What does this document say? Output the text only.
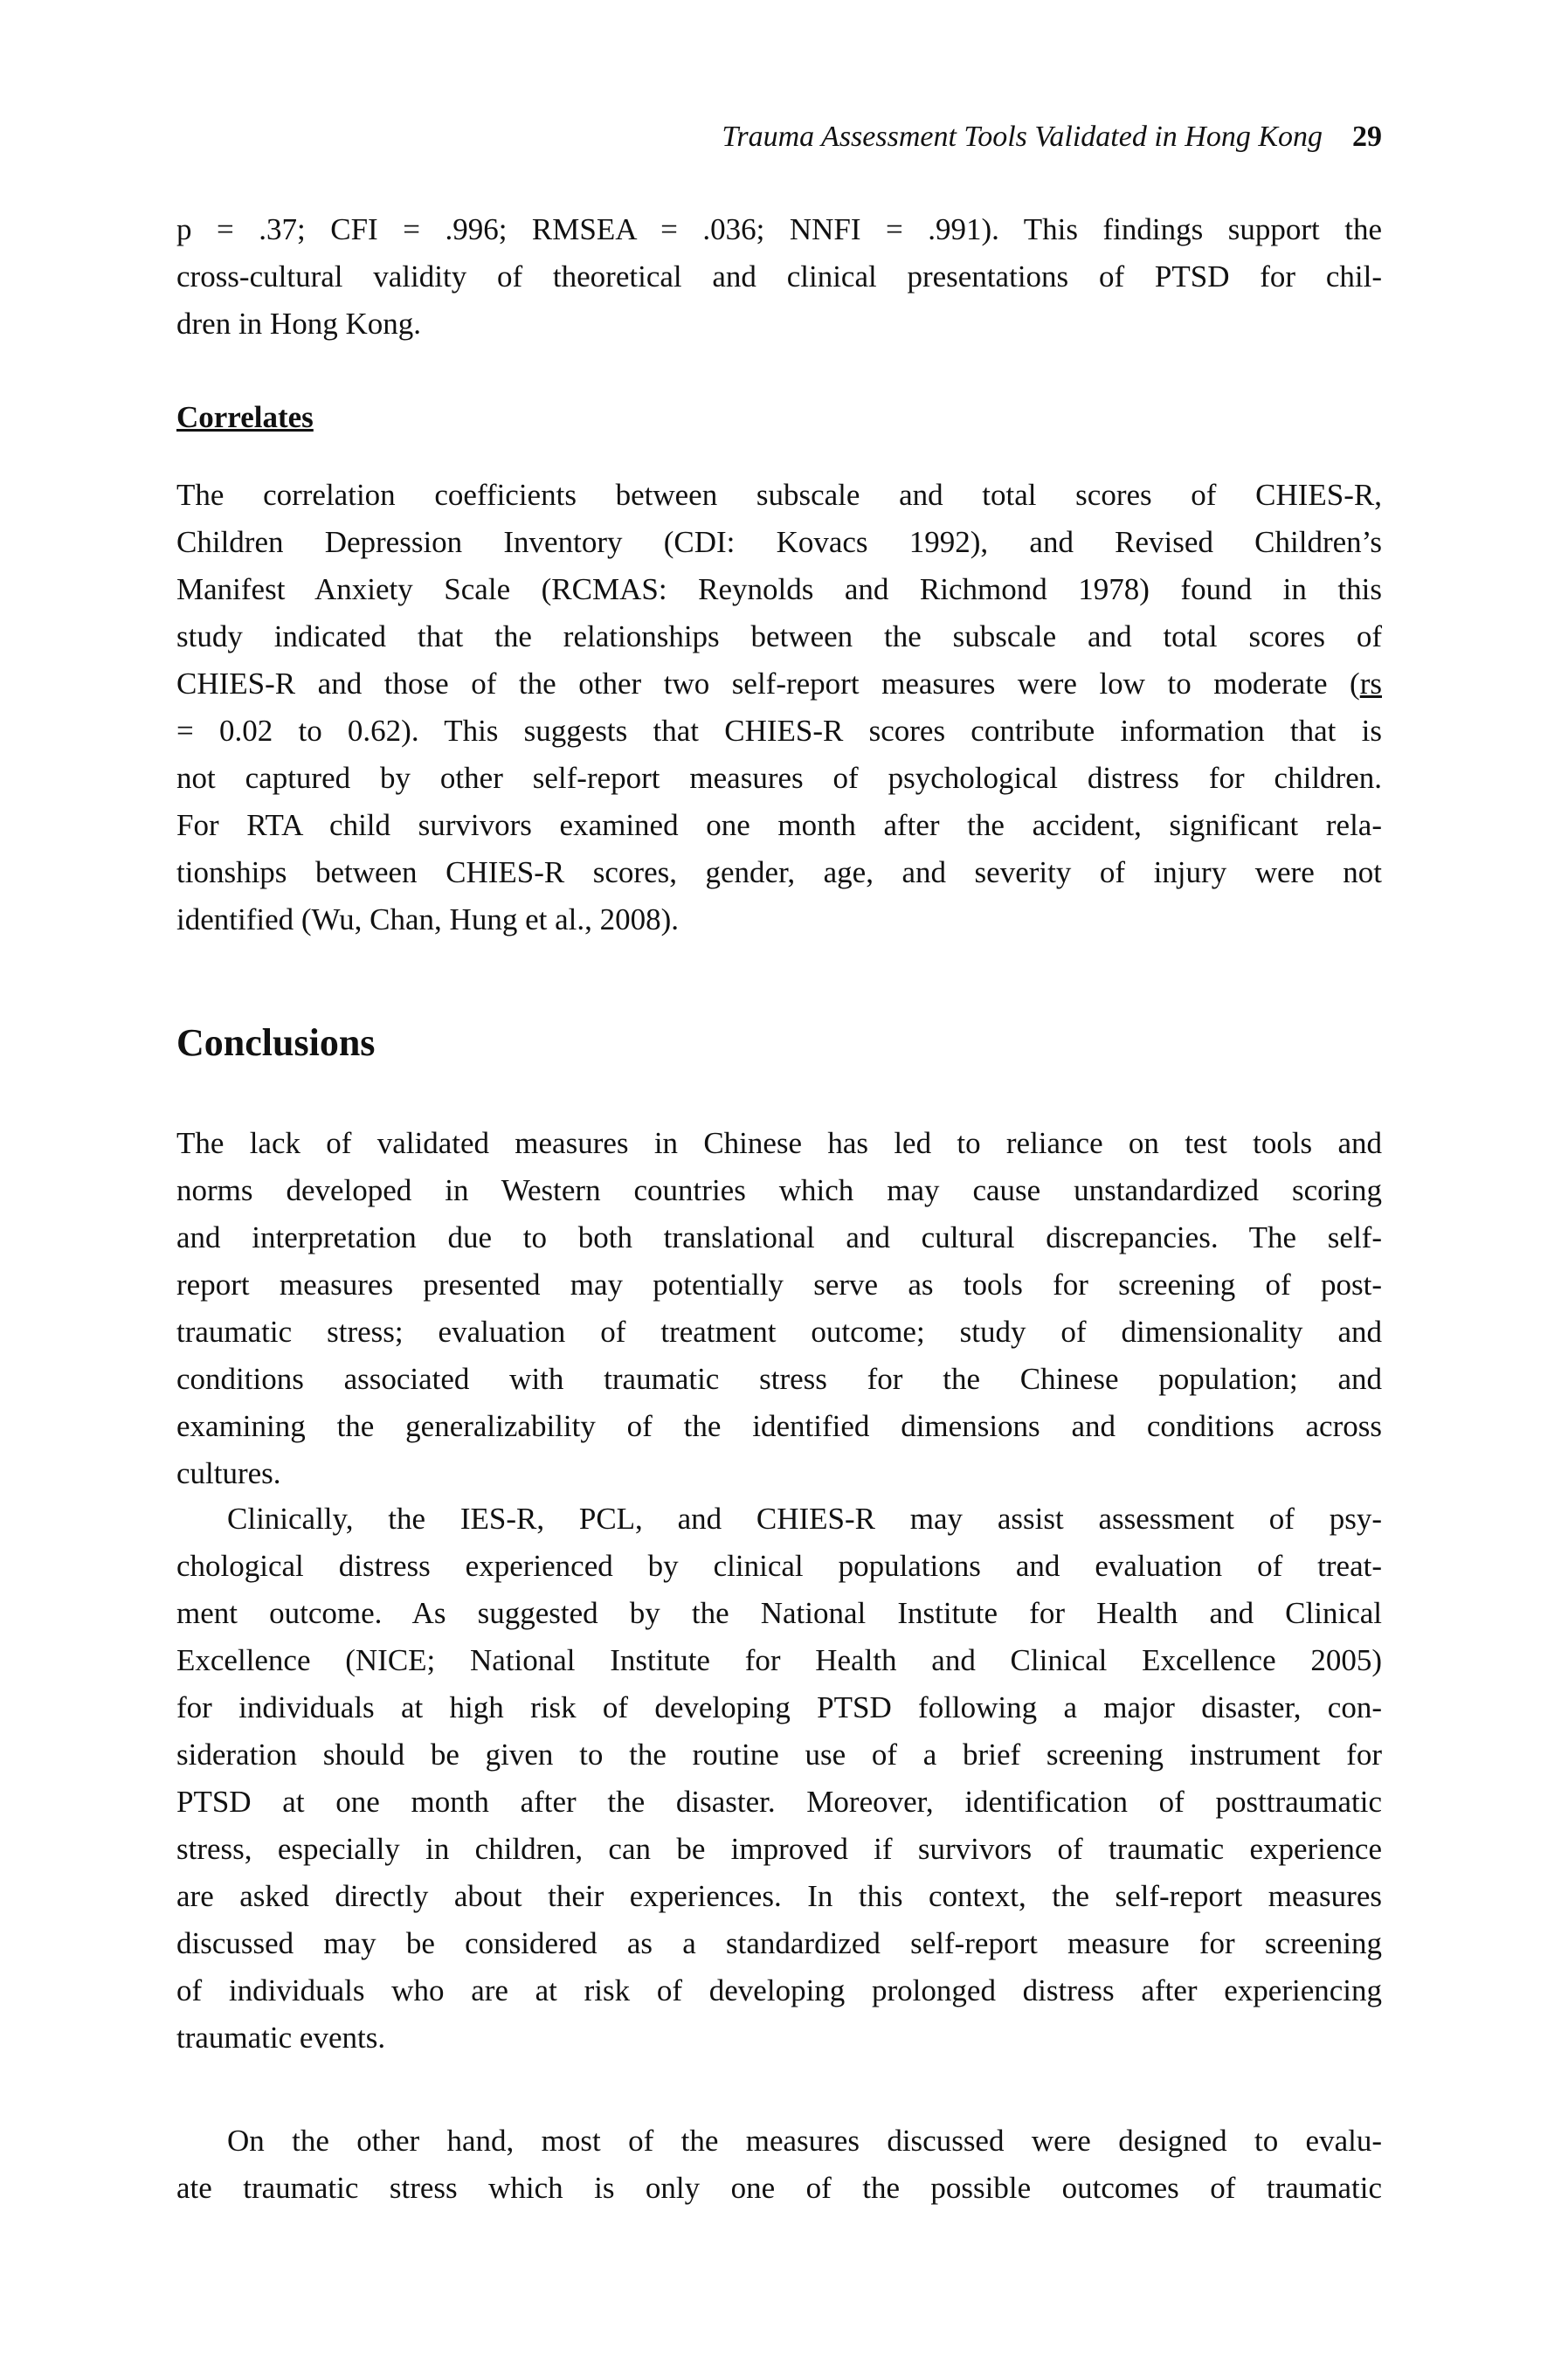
Trauma Assessment Tools Validated in Hong Kong 29
p = .37; CFI = .996; RMSEA = .036; NNFI = .991). This findings support the
cross-cultural validity of theoretical and clinical presentations of PTSD for chil-
dren in Hong Kong.
Correlates
The correlation coefficients between subscale and total scores of CHIES-R,
Children Depression Inventory (CDI: Kovacs 1992), and Revised Children’s
Manifest Anxiety Scale (RCMAS: Reynolds and Richmond 1978) found in this
study indicated that the relationships between the subscale and total scores of
CHIES-R and those of the other two self-report measures were low to moderate (rs
= 0.02 to 0.62). This suggests that CHIES-R scores contribute information that is
not captured by other self-report measures of psychological distress for children.
For RTA child survivors examined one month after the accident, significant rela-
tionships between CHIES-R scores, gender, age, and severity of injury were not
identified (Wu, Chan, Hung et al., 2008).
Conclusions
The lack of validated measures in Chinese has led to reliance on test tools and
norms developed in Western countries which may cause unstandardized scoring
and interpretation due to both translational and cultural discrepancies. The self-
report measures presented may potentially serve as tools for screening of post-
traumatic stress; evaluation of treatment outcome; study of dimensionality and
conditions associated with traumatic stress for the Chinese population; and
examining the generalizability of the identified dimensions and conditions across
cultures.
Clinically, the IES-R, PCL, and CHIES-R may assist assessment of psy-
chological distress experienced by clinical populations and evaluation of treat-
ment outcome. As suggested by the National Institute for Health and Clinical
Excellence (NICE; National Institute for Health and Clinical Excellence 2005)
for individuals at high risk of developing PTSD following a major disaster, con-
sideration should be given to the routine use of a brief screening instrument for
PTSD at one month after the disaster. Moreover, identification of posttraumatic
stress, especially in children, can be improved if survivors of traumatic experience
are asked directly about their experiences. In this context, the self-report measures
discussed may be considered as a standardized self-report measure for screening
of individuals who are at risk of developing prolonged distress after experiencing
traumatic events.
On the other hand, most of the measures discussed were designed to evalu-
ate traumatic stress which is only one of the possible outcomes of traumatic
